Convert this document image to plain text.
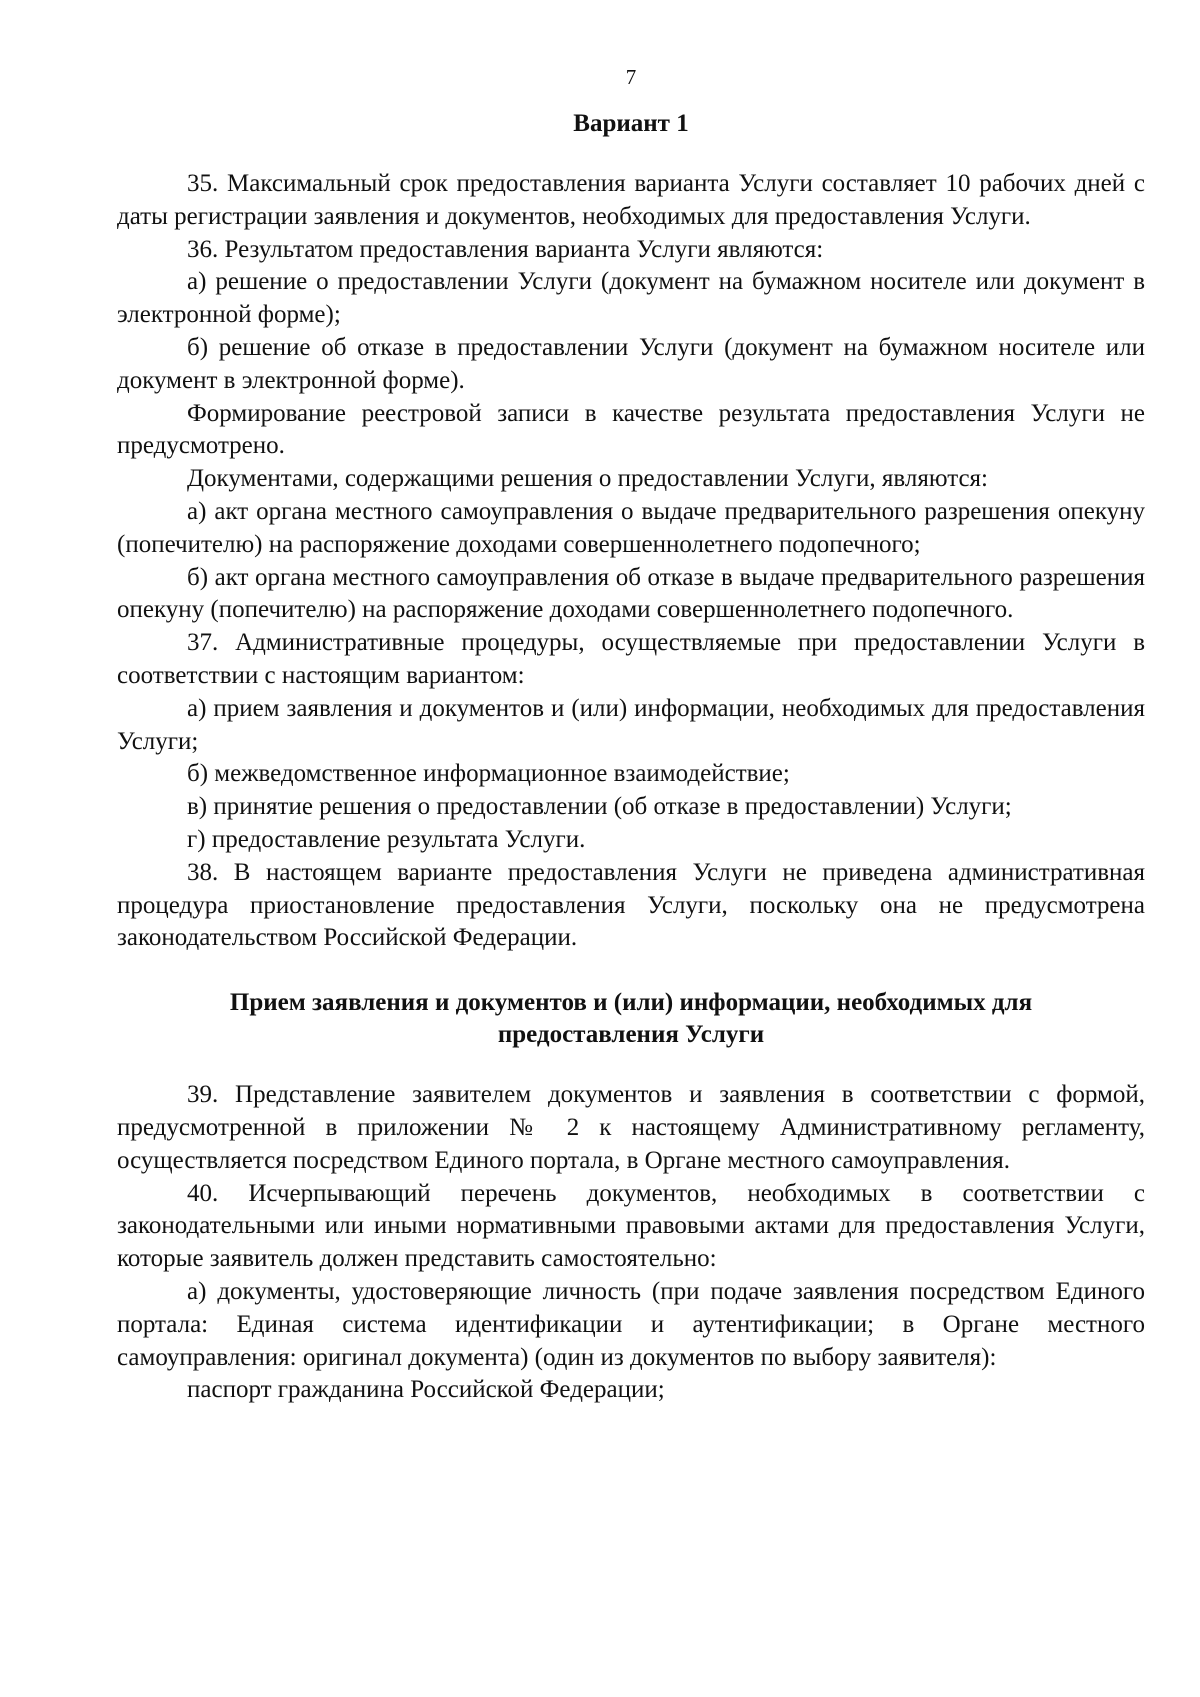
7
Вариант 1

35. Максимальный срок предоставления варианта Услуги составляет 10 рабочих дней с даты регистрации заявления и документов, необходимых для предоставления Услуги.

36. Результатом предоставления варианта Услуги являются:

а) решение о предоставлении Услуги (документ на бумажном носителе или документ в электронной форме);

б) решение об отказе в предоставлении Услуги (документ на бумажном носителе или документ в электронной форме).

Формирование реестровой записи в качестве результата предоставления Услуги не предусмотрено.

Документами, содержащими решения о предоставлении Услуги, являются:

а) акт органа местного самоуправления о выдаче предварительного разрешения опекуну (попечителю) на распоряжение доходами совершеннолетнего подопечного;

б) акт органа местного самоуправления об отказе в выдаче предварительного разрешения опекуну (попечителю) на распоряжение доходами совершеннолетнего подопечного.

37. Административные процедуры, осуществляемые при предоставлении Услуги в соответствии с настоящим вариантом:

а) прием заявления и документов и (или) информации, необходимых для предоставления Услуги;

б) межведомственное информационное взаимодействие;

в) принятие решения о предоставлении (об отказе в предоставлении) Услуги;

г) предоставление результата Услуги.

38. В настоящем варианте предоставления Услуги не приведена административная процедура приостановление предоставления Услуги, поскольку она не предусмотрена законодательством Российской Федерации.

Прием заявления и документов и (или) информации, необходимых для
предоставления Услуги

39. Представление заявителем документов и заявления в соответствии с формой, предусмотренной в приложении № 2 к настоящему Административному регламенту, осуществляется посредством Единого портала, в Органе местного самоуправления.

40. Исчерпывающий перечень документов, необходимых в соответствии с законодательными или иными нормативными правовыми актами для предоставления Услуги, которые заявитель должен представить самостоятельно:

а) документы, удостоверяющие личность (при подаче заявления посредством Единого портала: Единая система идентификации и аутентификации; в Органе местного самоуправления: оригинал документа) (один из документов по выбору заявителя):

паспорт гражданина Российской Федерации;
